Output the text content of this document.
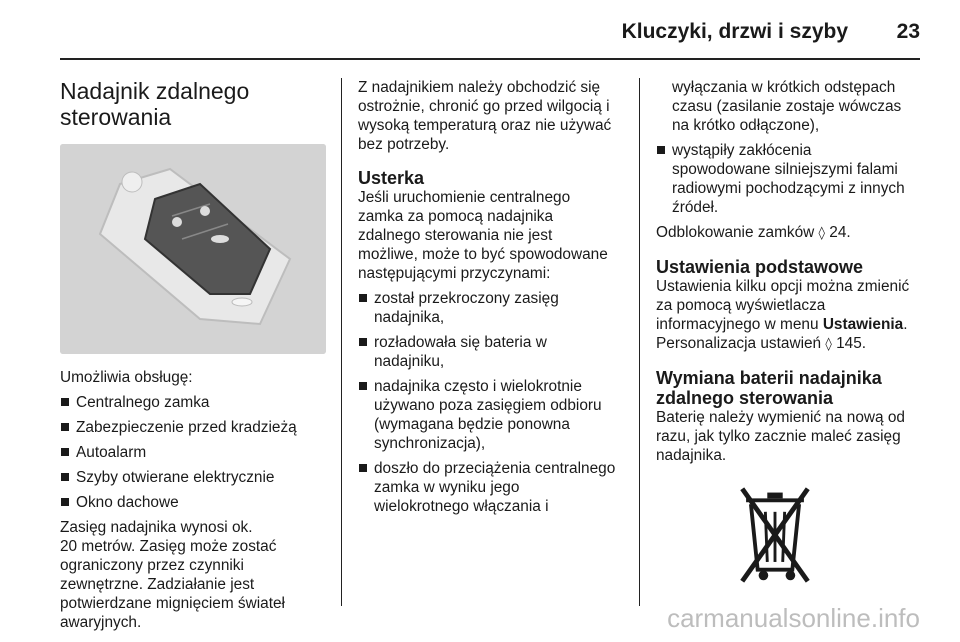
Kluczyki, drzwi i szyby 23
Nadajnik zdalnego
sterowania

Umożliwia obsługę:

Centralnego zamka
Zabezpieczenie przed kradzieżą
Autoalarm
Szyby otwierane elektrycznie
Okno dachowe

Zasięg nadajnika wynosi ok.
20 metrów. Zasięg może zostać
ograniczony przez czynniki
zewnętrzne. Zadziałanie jest
potwierdzane mignięciem świateł
awaryjnych.

Z nadajnikiem należy obchodzić się
ostrożnie, chronić go przed wilgocią i
wysoką temperaturą oraz nie używać
bez potrzeby.

Usterka

Jeśli uruchomienie centralnego
zamka za pomocą nadajnika
zdalnego sterowania nie jest
możliwe, może to być spowodowane
następującymi przyczynami:

został przekroczony zasięg
nadajnika,
rozładowała się bateria w
nadajniku,
nadajnika często i wielokrotnie
używano poza zasięgiem odbioru
(wymagana będzie ponowna
synchronizacja),
doszło do przeciążenia centralnego
zamka w wyniku jego
wielokrotnego włączania i

wyłączania w krótkich odstępach
czasu (zasilanie zostaje wówczas
na krótko odłączone),

wystąpiły zakłócenia
spowodowane silniejszymi falami
radiowymi pochodzącymi z innych
źródeł.

Odblokowanie zamków ◊ 24.

Ustawienia podstawowe

Ustawienia kilku opcji można zmienić
za pomocą wyświetlacza
informacyjnego w menu Ustawienia.
Personalizacja ustawień ◊ 145.

Wymiana baterii nadajnika
zdalnego sterowania

Baterię należy wymienić na nową od
razu, jak tylko zacznie maleć zasięg
nadajnika.

carmanualsonline.info
